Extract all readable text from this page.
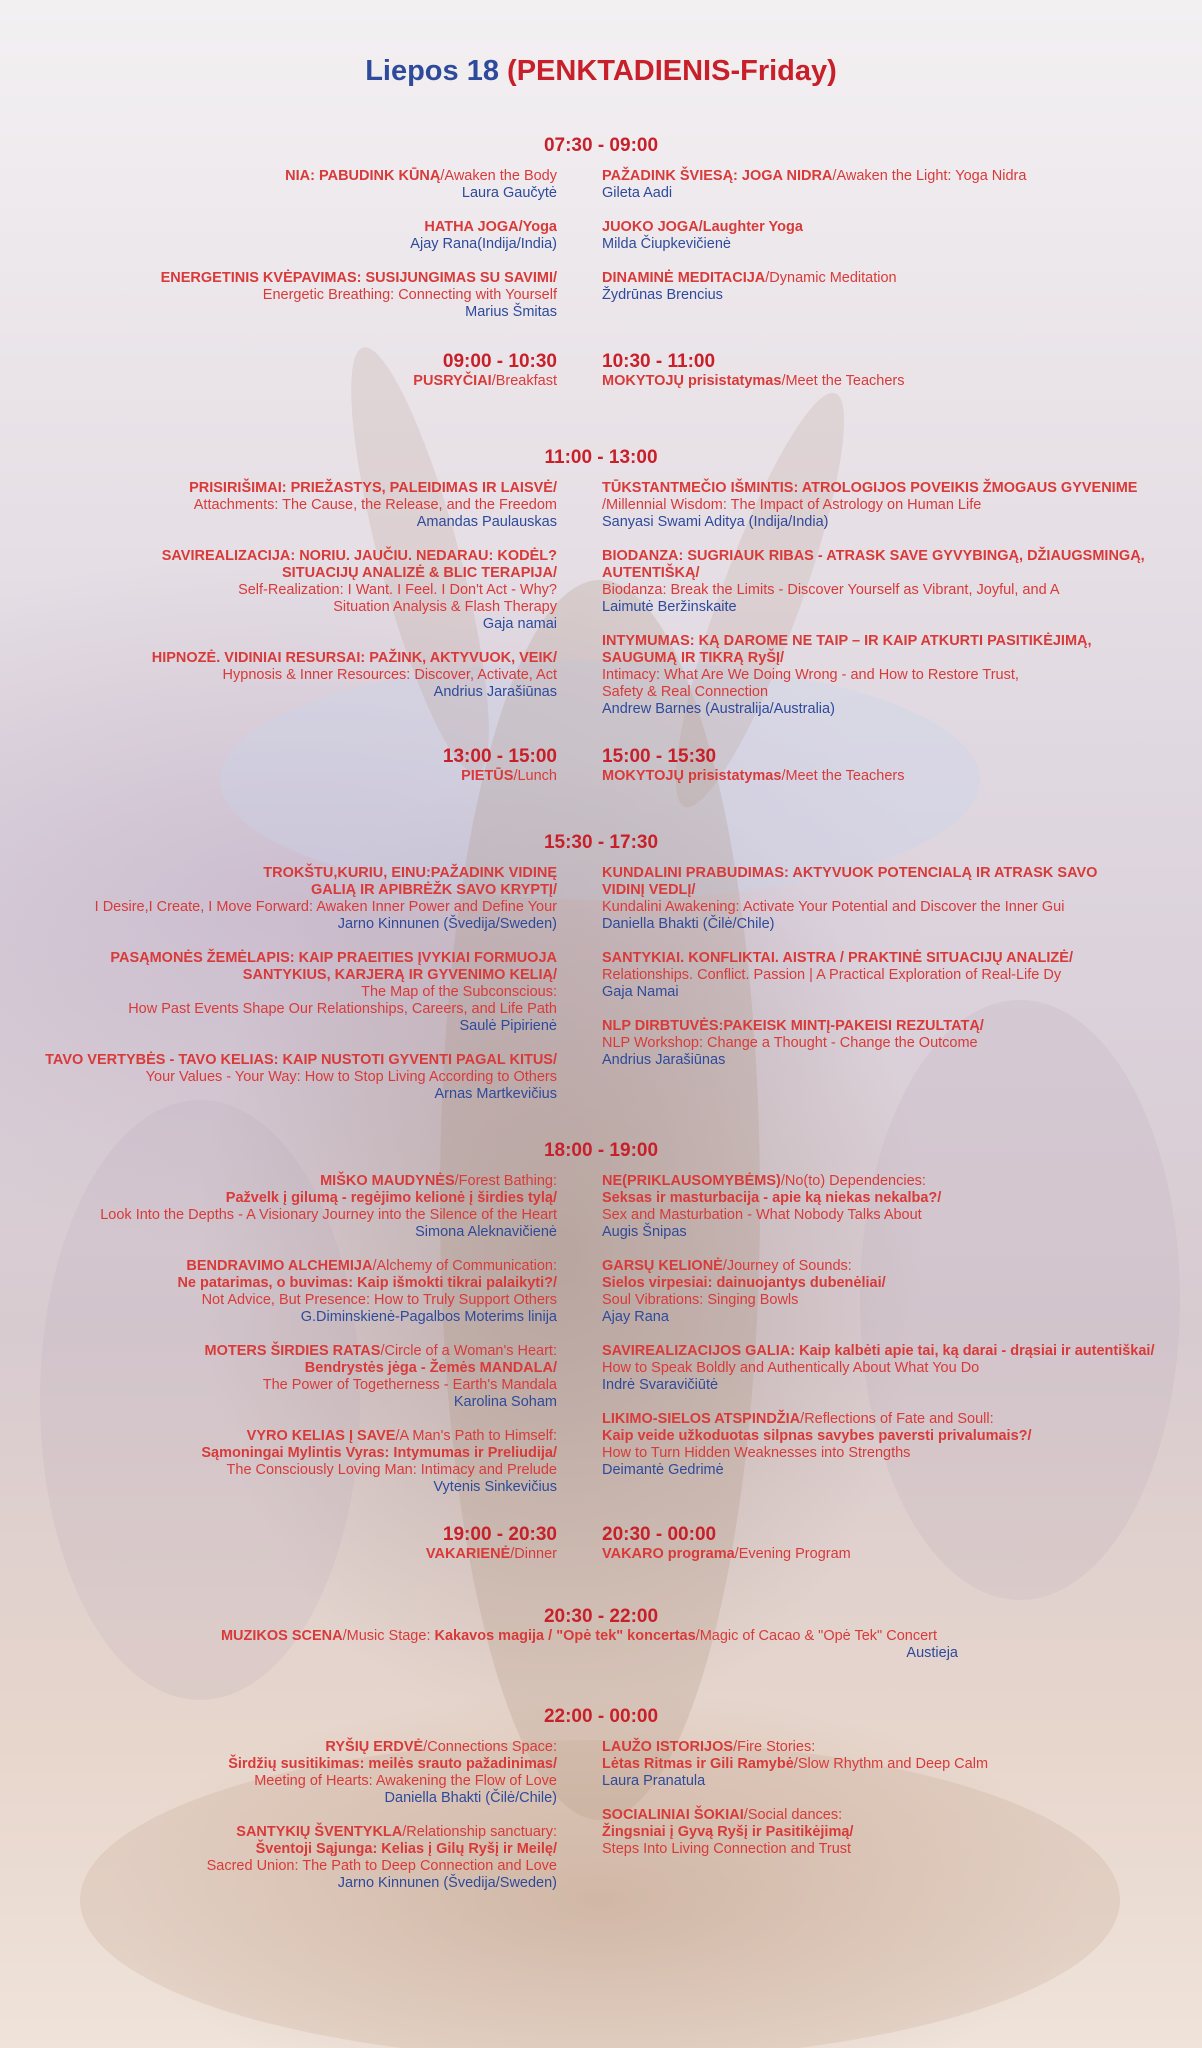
Liepos 18 (PENKTADIENIS-Friday)
07:30 - 09:00
NIA: PABUDINK KŪNĄ/Awaken the Body
Laura Gaučytė
HATHA JOGA/Yoga
Ajay Rana(Indija/India)
ENERGETINIS KVĖPAVIMAS: SUSIJUNGIMAS SU SAVIMI/
Energetic Breathing: Connecting with Yourself
Marius Šmitas
PAŽADINK ŠVIESĄ: JOGA NIDRA/Awaken the Light: Yoga Nidra
Gileta Aadi
JUOKO JOGA/Laughter Yoga
Milda Čiupkevičienė
DINAMINĖ MEDITACIJA/Dynamic Meditation
Žydrūnas Brencius
09:00 - 10:30
PUSRYČIAI/Breakfast
10:30 - 11:00
MOKYTOJŲ prisistatymas/Meet the Teachers
11:00 - 13:00
PRISIRIŠIMAI: PRIEŽASTYS, PALEIDIMAS IR LAISVĖ/
Attachments: The Cause, the Release, and the Freedom
Amandas Paulauskas
SAVIREALIZACIJA: NORIU. JAUČIU. NEDARAU: KODĖL?
SITUACIJŲ ANALIZĖ & BLIC TERAPIJA/
Self-Realization: I Want. I Feel. I Don't Act - Why?
Situation Analysis & Flash Therapy
Gaja namai
HIPNOZĖ. VIDINIAI RESURSAI: PAŽINK, AKTYVUOK, VEIK/
Hypnosis & Inner Resources: Discover, Activate, Act
Andrius Jarašiūnas
TŪKSTANTMEČIO IŠMINTIS: ATROLOGIJOS POVEIKIS ŽMOGAUS GYVENIME
/Millennial Wisdom: The Impact of Astrology on Human Life
Sanyasi Swami Aditya (Indija/India)
BIODANZA: SUGRIAUK RIBAS - ATRASK SAVE GYVYBINGĄ, DŽIAUGSMINGĄ,
AUTENTIŠKĄ/
Biodanza: Break the Limits - Discover Yourself as Vibrant, Joyful, and A
Laimutė Beržinskaite
INTYMUMAS: KĄ DAROME NE TAIP – IR KAIP ATKURTI PASITIKĖJIMĄ,
SAUGUMĄ IR TIKRĄ RyŠĮ/
Intimacy: What Are We Doing Wrong - and How to Restore Trust,
Safety & Real Connection
Andrew Barnes (Australija/Australia)
13:00 - 15:00
PIETŪS/Lunch
15:00 - 15:30
MOKYTOJŲ prisistatymas/Meet the Teachers
15:30 - 17:30
TROKŠTU,KURIU, EINU:PAŽADINK VIDINĘ
GALIĄ IR APIBRĖŽK SAVO KRYPTĮ/
I Desire,I Create, I Move Forward: Awaken Inner Power and Define Your
Jarno Kinnunen (Švedija/Sweden)
PASĄMONĖS ŽEMĖLAPIS: KAIP PRAEITIES ĮVYKIAI FORMUOJA
SANTYKIUS, KARJERĄ IR GYVENIMO KELIĄ/
The Map of the Subconscious:
How Past Events Shape Our Relationships, Careers, and Life Path
Saulė Pipirienė
TAVO VERTYBĖS - TAVO KELIAS: KAIP NUSTOTI GYVENTI PAGAL KITUS/
Your Values - Your Way: How to Stop Living According to Others
Arnas Martkevičius
KUNDALINI PRABUDIMAS: AKTYVUOK POTENCIALĄ IR ATRASK SAVO
VIDINĮ VEDLĮ/
Kundalini Awakening: Activate Your Potential and Discover the Inner Gui
Daniella Bhakti (Čilė/Chile)
SANTYKIAI. KONFLIKTAI. AISTRA / PRAKTINĖ SITUACIJŲ ANALIZĖ/
Relationships. Conflict. Passion | A Practical Exploration of Real-Life Dy
Gaja Namai
NLP DIRBTUVĖS:PAKEISK MINTĮ-PAKEISI REZULTATĄ/
NLP Workshop: Change a Thought - Change the Outcome
Andrius Jarašiūnas
18:00 - 19:00
MIŠKO MAUDYNĖS/Forest Bathing:
Pažvelk į gilumą - regėjimo kelionė į širdies tylą/
Look Into the Depths - A Visionary Journey into the Silence of the Heart
Simona Aleknavičienė
BENDRAVIMO ALCHEMIJA/Alchemy of Communication:
Ne patarimas, o buvimas: Kaip išmokti tikrai palaikyti?/
Not Advice, But Presence: How to Truly Support Others
G.Diminskienė-Pagalbos Moterims linija
MOTERS ŠIRDIES RATAS/Circle of a Woman's Heart:
Bendrystės jėga - Žemės MANDALA/
The Power of Togetherness - Earth's Mandala
Karolina Soham
VYRO KELIAS Į SAVE/A Man's Path to Himself:
Sąmoningai Mylintis Vyras: Intymumas ir Preliudija/
The Consciously Loving Man: Intimacy and Prelude
Vytenis Sinkevičius
NE(PRIKLAUSOMYBĖMS)/No(to) Dependencies:
Seksas ir masturbacija - apie ką niekas nekalba?/
Sex and Masturbation - What Nobody Talks About
Augis Šnipas
GARSŲ KELIONĖ/Journey of Sounds:
Sielos virpesiai: dainuojantys dubenėliai/
Soul Vibrations: Singing Bowls
Ajay Rana
SAVIREALIZACIJOS GALIA: Kaip kalbėti apie tai, ką darai - drąsiai ir autentiškai/
How to Speak Boldly and Authentically About What You Do
Indrė Svaravičiūtė
LIKIMO-SIELOS ATSPINDŽIA/Reflections of Fate and Soull:
Kaip veide užkoduotas silpnas savybes paversti privalumais?/
How to Turn Hidden Weaknesses into Strengths
Deimantė Gedrimė
19:00 - 20:30
VAKARIENĖ/Dinner
20:30 - 00:00
VAKARO programa/Evening Program
20:30 - 22:00
MUZIKOS SCENA/Music Stage: Kakavos magija / "Opė tek" koncertas/Magic of Cacao & "Opė Tek" Concert
Austieja
22:00 - 00:00
RYŠIŲ ERDVĖ/Connections Space:
Širdžių susitikimas: meilės srauto pažadinimas/
Meeting of Hearts: Awakening the Flow of Love
Daniella Bhakti (Čilė/Chile)
SANTYKIŲ ŠVENTYKLA/Relationship sanctuary:
Šventoji Sąjunga: Kelias į Gilų Ryšį ir Meilę/
Sacred Union: The Path to Deep Connection and Love
Jarno Kinnunen (Švedija/Sweden)
LAUŽO ISTORIJOS/Fire Stories:
Lėtas Ritmas ir Gili Ramybė/Slow Rhythm and Deep Calm
Laura Pranatula
SOCIALINIAI ŠOKIAI/Social dances:
Žingsniai į Gyvą Ryšį ir Pasitikėjimą/
Steps Into Living Connection and Trust
